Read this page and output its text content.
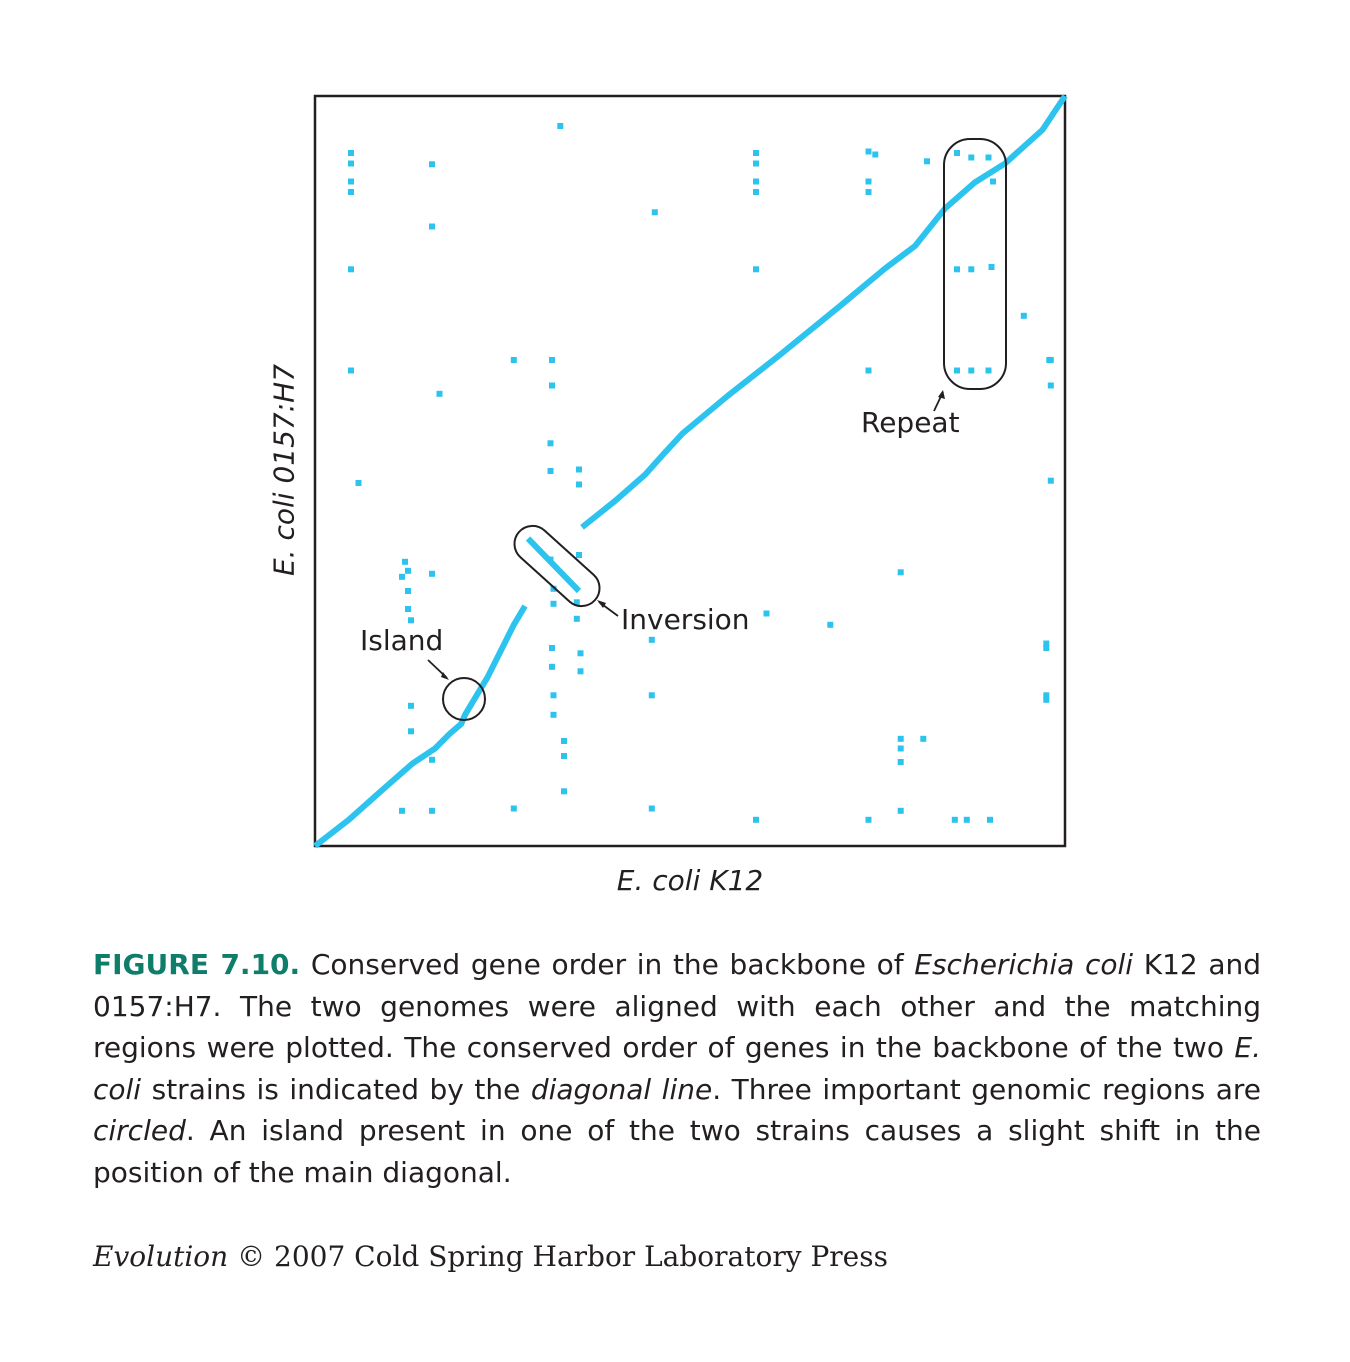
E. coli K12
E. coli 0157:H7	Repeat
Inversion
Island
FIGURE 7.10. Conserved gene order in the backbone of Escherichia coli K12 and 0157:H7. The two genomes were aligned with each other and the matching regions were plotted. The conserved order of genes in the backbone of the two E. coli strains is indicated by the diagonal line. Three important genomic regions are circled. An island present in one of the two strains causes a slight shift in the position of the main diagonal.
Evolution © 2007 Cold Spring Harbor Laboratory Press
